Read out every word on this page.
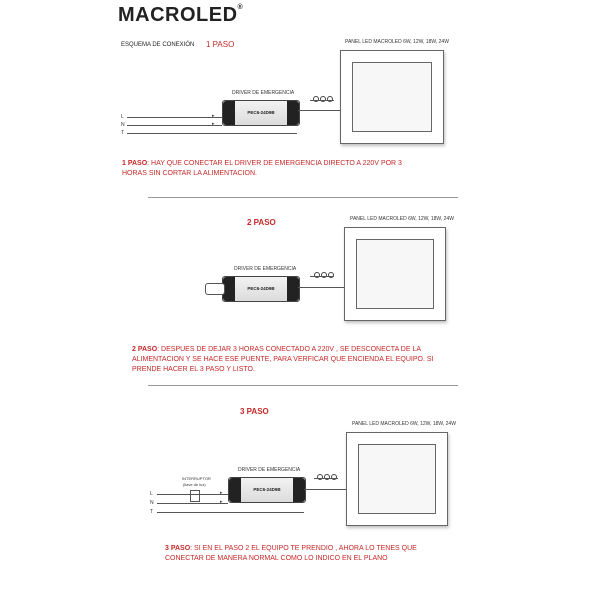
MACROLED®
ESQUEMA DE CONEXIÓN 1 PASO	PANEL LED MACROLED 6W, 12W, 18W, 24W
DRIVER DE EMERGENCIA
PEC6-24D9B
L
N
T
▸
▸
1 PASO: HAY QUE CONECTAR EL DRIVER DE EMERGENCIA DIRECTO A 220V POR 3 HORAS SIN CORTAR LA ALIMENTACION.
2 PASO	PANEL LED MACROLED 6W, 12W, 18W, 24W
DRIVER DE EMERGENCIA
PEC6-24D9B
2 PASO: DESPUES DE DEJAR 3 HORAS CONECTADO A 220V , SE DESCONECTA DE LA ALIMENTACION Y SE HACE ESE PUENTE, PARA VERFICAR QUE ENCIENDA EL EQUIPO. SI PRENDE HACER EL 3 PASO Y LISTO.
3 PASO
PANEL LED MACROLED 6W, 12W, 18W, 24W
INTERRUPTOR
(llave de luz)
DRIVER DE EMERGENCIA
PEC6-24D9B
L
N
T
▸
▸
3 PASO: SI EN EL PASO 2 EL EQUIPO TE PRENDIO , AHORA LO TENES QUE CONECTAR DE MANERA NORMAL COMO LO INDICO EN EL PLANO
